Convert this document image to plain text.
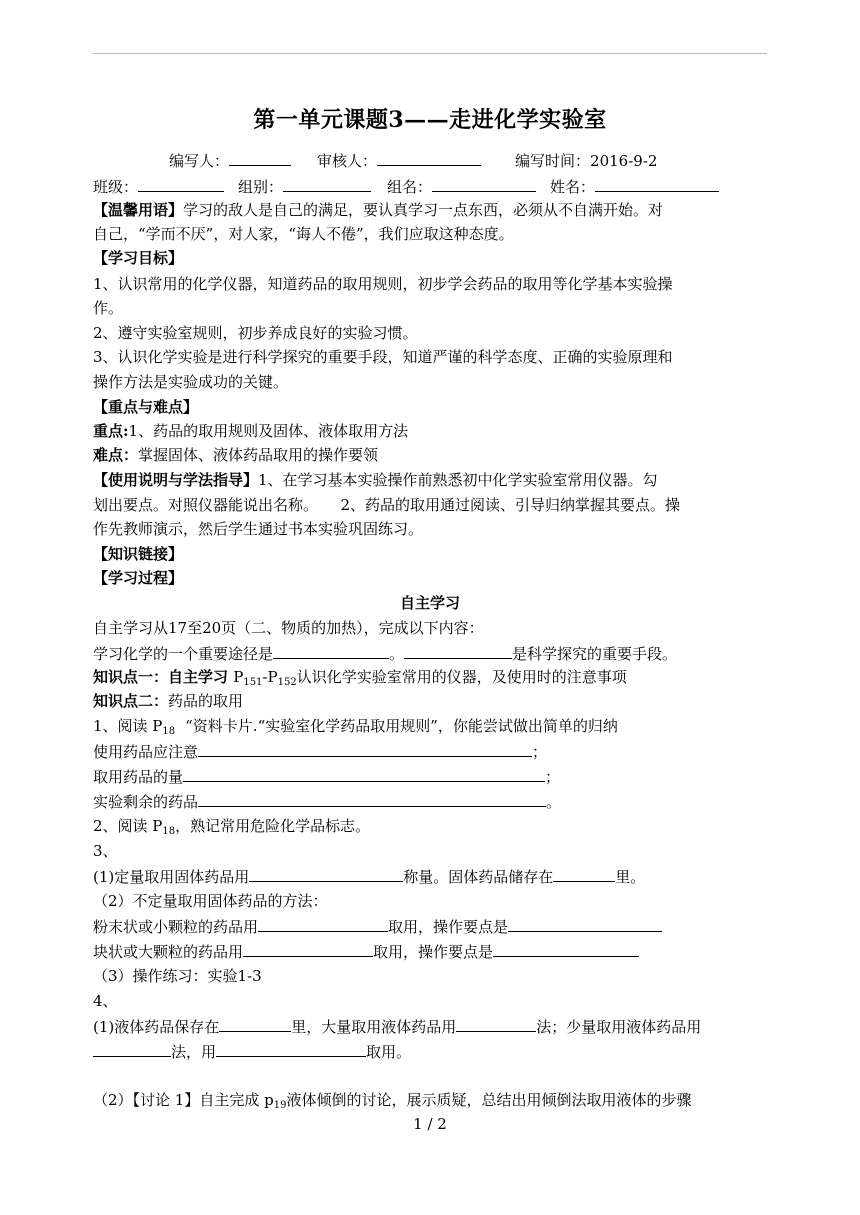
第一单元课题3——走进化学实验室
编写人：	审核人：	编写时间：2016-9-2
班级：	组别：	组名：	姓名：
【温馨用语】学习的敌人是自己的满足，要认真学习一点东西，必须从不自满开始。对
自己，“学而不厌”，对人家，“诲人不倦”，我们应取这种态度。
【学习目标】
1、认识常用的化学仪器，知道药品的取用规则，初步学会药品的取用等化学基本实验操
作。
2、遵守实验室规则，初步养成良好的实验习惯。
3、认识化学实验是进行科学探究的重要手段，知道严谨的科学态度、正确的实验原理和
操作方法是实验成功的关键。
【重点与难点】
重点:1、药品的取用规则及固体、液体取用方法
难点：掌握固体、液体药品取用的操作要领
【使用说明与学法指导】1、在学习基本实验操作前熟悉初中化学实验室常用仪器。勾
划出要点。对照仪器能说出名称。　　2、药品的取用通过阅读、引导归纳掌握其要点。操
作先教师演示，然后学生通过书本实验巩固练习。
【知识链接】
【学习过程】
自主学习
自主学习从17至20页（二、物质的加热），完成以下内容：
学习化学的一个重要途径是	。	是科学探究的重要手段。
知识点一：自主学习 $P_{151}-P_{152}$认识化学实验室常用的仪器，及使用时的注意事项
知识点二：药品的取用
1、阅读 $P_{18}$ “资料卡片.“实验室化学药品取用规则”，你能尝试做出简单的归纳
使用药品应注意	；
取用药品的量	；
实验剩余的药品	。
2、阅读 $P_{18}$，熟记常用危险化学品标志。
3、
(1)定量取用固体药品用	称量。固体药品储存在	里。
（2）不定量取用固体药品的方法：
粉末状或小颗粒的药品用	取用，操作要点是
块状或大颗粒的药品用	取用，操作要点是
（3）操作练习：实验1-3
4、
(1)液体药品保存在	里，大量取用液体药品用	法；少量取用液体药品用
法，用	取用。
（2）【讨论 1】自主完成 $p_{19}$液体倾倒的讨论，展示质疑，总结出用倾倒法取用液体的步骤
1 / 2
